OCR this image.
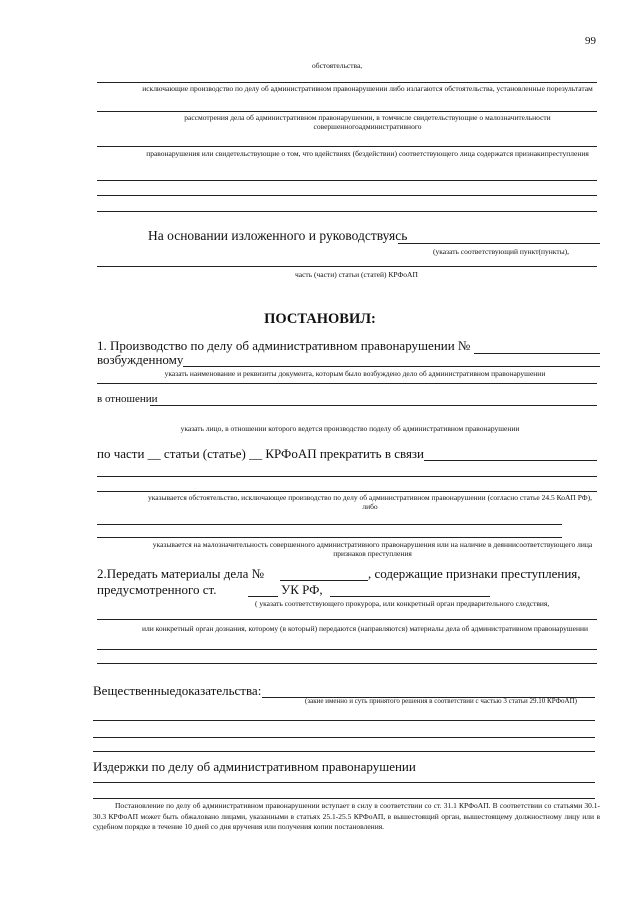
99
обстоятельства,
исключающие производство по делу об административном правонарушении либо излагаются обстоятельства, установленные порезультатам
рассмотрения дела об административном правонарушении, в томчисле свидетельствующие о малозначительности совершенногоадминистративного
правонарушения или свидетельствующие о том, что вдействиях (бездействии) соответствующего лица содержатся признакипреступления
На основании изложенного и руководствуясь
(указать соответствующий пункт(пункты),
часть (части) статьи (статей) КРФоАП
ПОСТАНОВИЛ:
1. Производство по делу об административном правонарушении №
возбужденному
указать наименование и реквизиты документа, которым было возбуждено дело об административном правонарушении
в отношении
указать лицо, в отношении которого ведется производство поделу об административном правонарушении
по части __ статьи (статье) __ КРФоАП прекратить в связи
указывается обстоятельство, исключающее производство по делу об административном правонарушении (согласно статье 24.5 КоАП РФ), либо
указывается на малозначительность совершенного административного правонарушения или на наличие в деяниисоответствующего лица признаков преступления
2.Передать материалы дела №	, содержащие признаки преступления,
предусмотренного ст.	УК РФ,
( указать соответствующего прокурора, или конкретный орган предварительного следствия,
или конкретный орган дознания, которому (в который) передаются (направляются) материалы дела об административном правонарушении
Вещественныедоказательства:
(закие именно и суть принятого решения в соответствии с частью 3 статьи 29.10 КРФоАП)
Издержки по делу об административном правонарушении
Постановление по делу об административном правонарушении вступает в силу в соответствии со ст. 31.1 КРФоАП. В соответствии со статьями 30.1-30.3 КРФоАП может быть обжаловано лицами, указанными в статьях 25.1-25.5 КРФоАП, в вышестоящий орган, вышестоящему должностному лицу или в судебном порядке в течение 10 дней со дня вручения или получения копии постановления.
